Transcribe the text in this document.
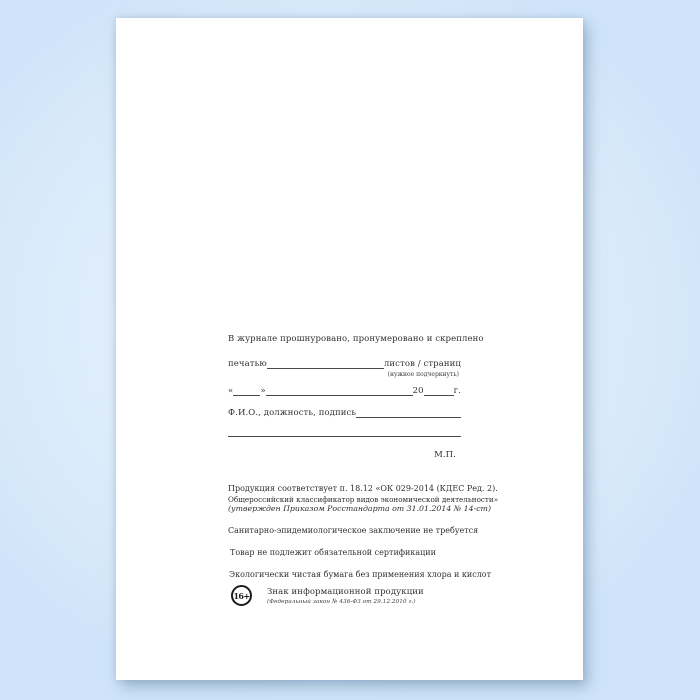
В журнале прошнуровано, пронумеровано и скреплено
печатью	листов / страниц
(нужное подчеркнуть)
«	»	20	г.
Ф.И.О., должность, подпись
М.П.
Продукция соответствует п. 18.12 «ОК 029-2014 (КДЕС Ред. 2).
Общероссийский классификатор видов экономической деятельности»
(утвержден Приказом Росстандарта от 31.01.2014 № 14-ст)
Санитарно-эпидемиологическое заключение не требуется
Товар не подлежит обязательной сертификации
Экологически чистая бумага без применения хлора и кислот
16+ Знак информационной продукции
(Федеральный закон № 436-ФЗ от 29.12.2010 г.)
